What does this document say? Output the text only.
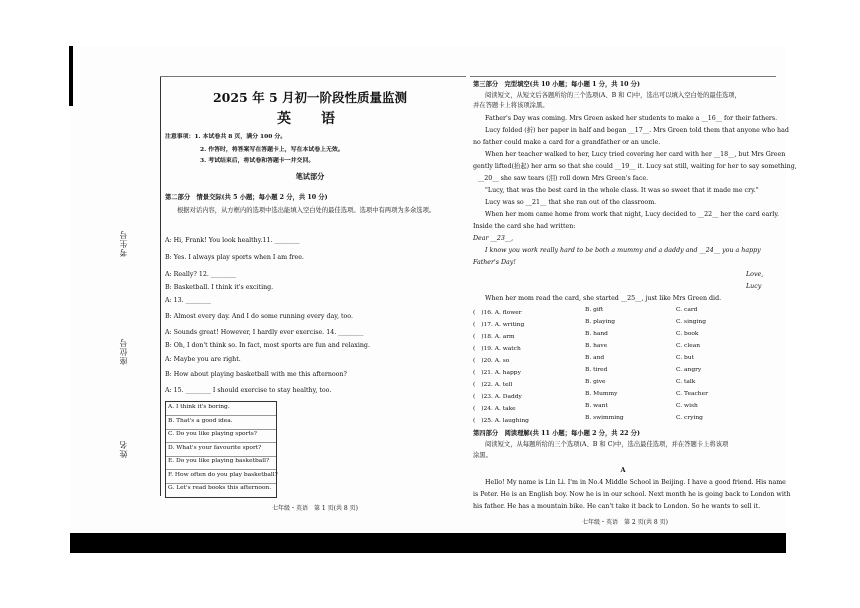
考生号
座位号
姓名
2025 年 5 月初一阶段性质量监测
英　语
注意事项：1. 本试卷共 8 页，满分 100 分。
2. 作答时，将答案写在答题卡上，写在本试卷上无效。
3. 考试结束后，将试卷和答题卡一并交回。
笔试部分
第二部分　情景交际(共 5 小题；每小题 2 分，共 10 分)
根据对话内容，从方框内的选项中选出能填入空白处的最佳选项。选项中有两项为多余选项。
A: Hi, Frank! You look healthy.11. ________
B: Yes. I always play sports when I am free.
A: Really? 12. ________
B: Basketball. I think it's exciting.
A: 13. ________
B: Almost every day. And I do some running every day, too.
A: Sounds great! However, I hardly ever exercise. 14. ________
B: Oh, I don't think so. In fact, most sports are fun and relaxing.
A: Maybe you are right.
B: How about playing basketball with me this afternoon?
A: 15. ________ I should exercise to stay healthy, too.
A. I think it's boring.
B. That's a good idea.
C. Do you like playing sports?
D. What's your favourite sport?
E. Do you like playing basketball?
F. How often do you play basketball?
G. Let's read books this afternoon.
七年级・英语　第 1 页(共 8 页)
第三部分　完型填空(共 10 小题；每小题 1 分，共 10 分)
阅读短文，从短文后各题所给的三个选项(A、B 和 C)中，选出可以填入空白处的最佳选项，
并在答题卡上将该项涂黑。
Father's Day was coming. Mrs Green asked her students to make a __16__ for their fathers.
Lucy folded (折) her paper in half and began __17__. Mrs Green told them that anyone who had
no father could make a card for a grandfather or an uncle.
When her teacher walked to her, Lucy tried covering her card with her __18__, but Mrs Green
gently lifted(抬起) her arm so that she could __19__ it. Lucy sat still, waiting for her to say something,
__20__ she saw tears (泪) roll down Mrs Green's face.
"Lucy, that was the best card in the whole class. It was so sweet that it made me cry."
Lucy was so __21__ that she ran out of the classroom.
When her mom came home from work that night, Lucy decided to __22__ her the card early.
Inside the card she had written:
Dear __23__,
I know you work really hard to be both a mummy and a daddy and __24__ you a happy
Father's Day!
Love,
Lucy
When her mom read the card, she started __25__, just like Mrs Green did.
(　)16. A. flower	B. gift	C. card
(　)17. A. writing	B. playing	C. singing
(　)18. A. arm	B. hand	C. book
(　)19. A. watch	B. have	C. clean
(　)20. A. so	B. and	C. but
(　)21. A. happy	B. tired	C. angry
(　)22. A. tell	B. give	C. talk
(　)23. A. Daddy	B. Mummy	C. Teacher
(　)24. A. take	B. want	C. wish
(　)25. A. laughing	B. swimming	C. crying
第四部分　阅读理解(共 11 小题；每小题 2 分，共 22 分)
阅读短文，从每题所给的三个选项(A、B 和 C)中，选出最佳选项，并在答题卡上将该项
涂黑。
A
Hello! My name is Lin Li. I'm in No.4 Middle School in Beijing. I have a good friend. His name
is Peter. He is an English boy. Now he is in our school. Next month he is going back to London with
his father. He has a mountain bike. He can't take it back to London. So he wants to sell it.
七年级・英语　第 2 页(共 8 页)
